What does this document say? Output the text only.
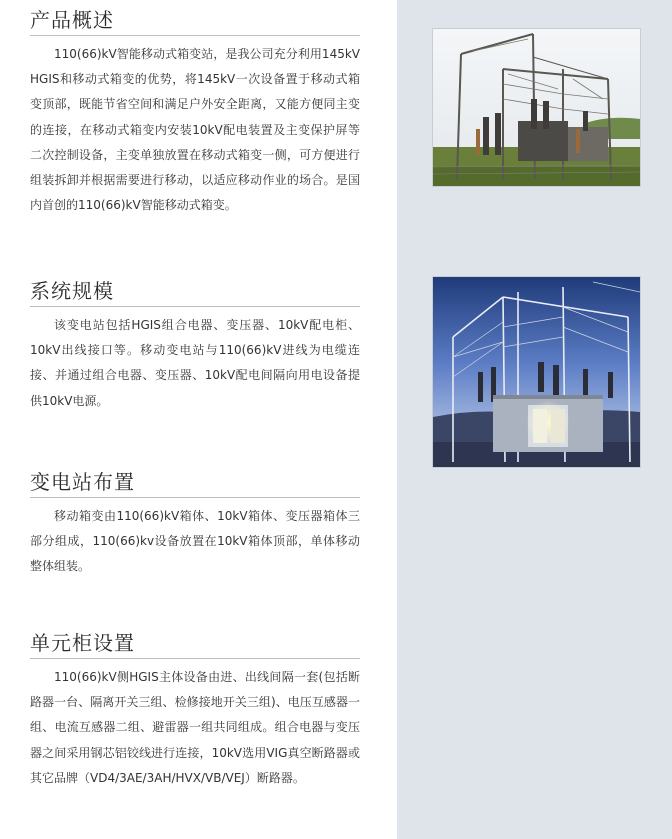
产品概述

110(66)kV智能移动式箱变站，是我公司充分利用145kV HGIS和移动式箱变的优势，将145kV一次设备置于移动式箱变顶部，既能节省空间和满足户外安全距离，又能方便同主变的连接，在移动式箱变内安装10kV配电装置及主变保护屏等二次控制设备，主变单独放置在移动式箱变一侧，可方便进行组装拆卸并根据需要进行移动，以适应移动作业的场合。是国内首创的110(66)kV智能移动式箱变。

系统规模

该变电站包括HGIS组合电器、变压器、10kV配电柜、10kV出线接口等。移动变电站与110(66)kV进线为电缆连接、并通过组合电器、变压器、10kV配电间隔向用电设备提供10kV电源。

变电站布置

移动箱变由110(66)kV箱体、10kV箱体、变压器箱体三部分组成，110(66)kv设备放置在10kV箱体顶部，单体移动整体组装。

单元柜设置

110(66)kV侧HGIS主体设备由进、出线间隔一套(包括断路器一台、隔离开关三组、检修接地开关三组)、电压互感器一组、电流互感器二组、避雷器一组共同组成。组合电器与变压器之间采用钢芯铝铰线进行连接，10kV选用VIG真空断路器或其它品牌（VD4/3AE/3AH/HVX/VB/VEJ）断路器。
